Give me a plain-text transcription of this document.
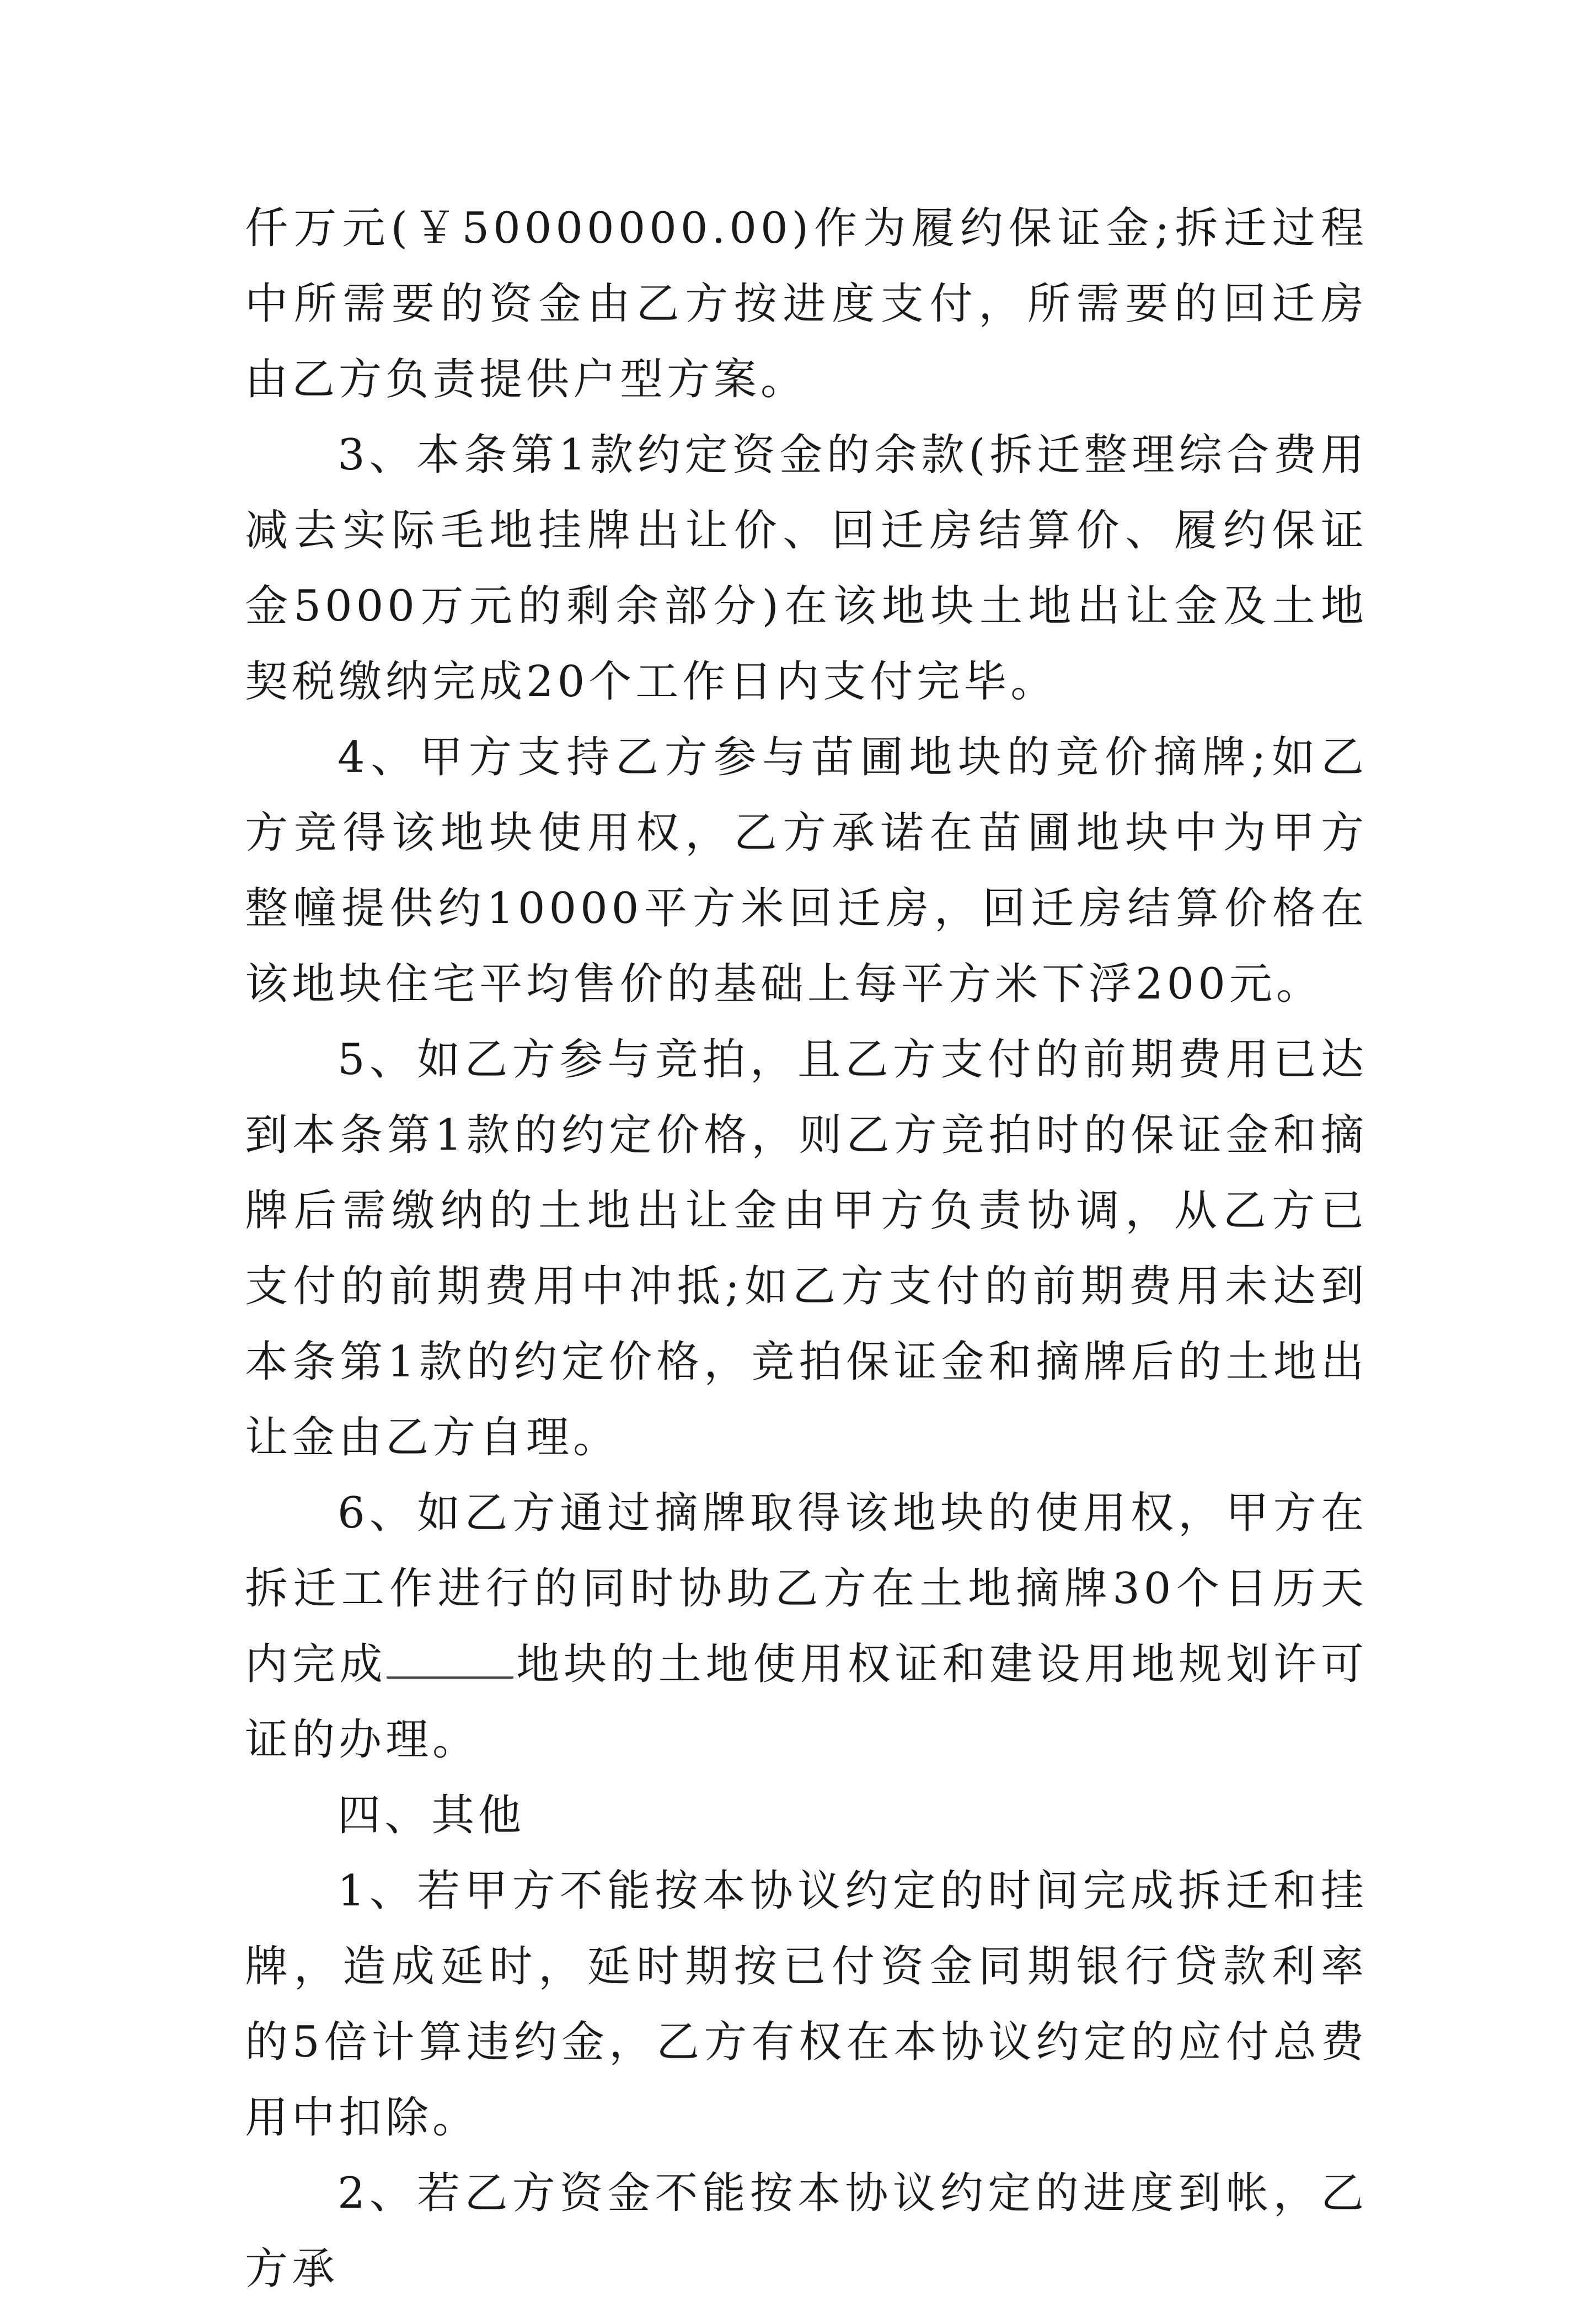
仟万元(￥50000000.00)作为履约保证金;拆迁过程中所需要的资金由乙方按进度支付，所需要的回迁房由乙方负责提供户型方案。

3、本条第1款约定资金的余款(拆迁整理综合费用减去实际毛地挂牌出让价、回迁房结算价、履约保证金5000万元的剩余部分)在该地块土地出让金及土地契税缴纳完成20个工作日内支付完毕。

4、甲方支持乙方参与苗圃地块的竞价摘牌;如乙方竞得该地块使用权，乙方承诺在苗圃地块中为甲方整幢提供约10000平方米回迁房，回迁房结算价格在该地块住宅平均售价的基础上每平方米下浮200元。

5、如乙方参与竞拍，且乙方支付的前期费用已达到本条第1款的约定价格，则乙方竞拍时的保证金和摘牌后需缴纳的土地出让金由甲方负责协调，从乙方已支付的前期费用中冲抵;如乙方支付的前期费用未达到本条第1款的约定价格，竞拍保证金和摘牌后的土地出让金由乙方自理。

6、如乙方通过摘牌取得该地块的使用权，甲方在拆迁工作进行的同时协助乙方在土地摘牌30个日历天内完成	地块的土地使用权证和建设用地规划许可证的办理。

四、其他

1、若甲方不能按本协议约定的时间完成拆迁和挂牌，造成延时，延时期按已付资金同期银行贷款利率的5倍计算违约金，乙方有权在本协议约定的应付总费用中扣除。

2、若乙方资金不能按本协议约定的进度到帐，乙方承
